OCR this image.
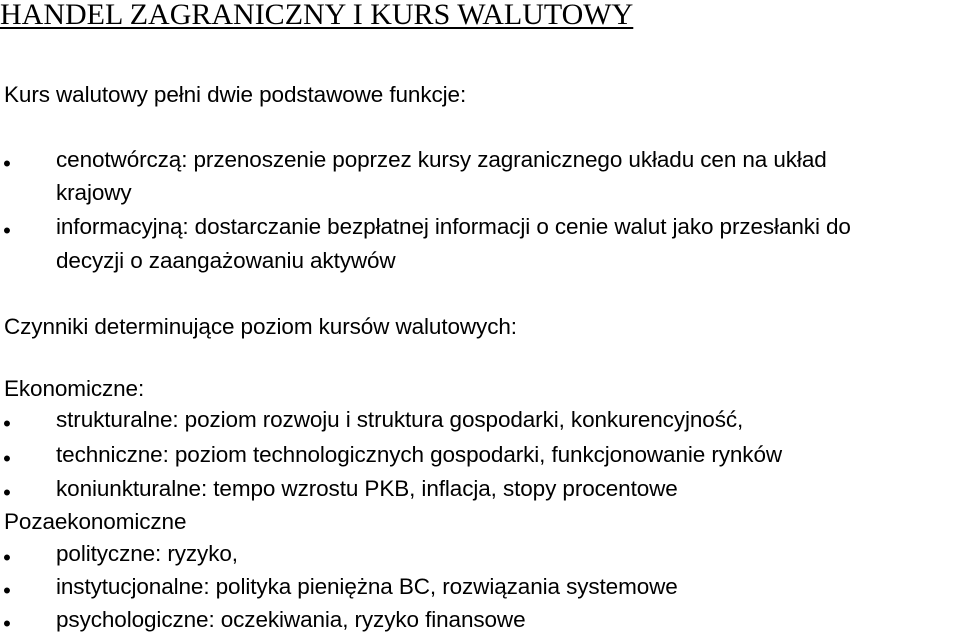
HANDEL ZAGRANICZNY I KURS WALUTOWY
Kurs walutowy pełni dwie podstawowe funkcje:
• cenotwórczą: przenoszenie poprzez kursy zagranicznego układu cen na układ
krajowy
• informacyjną: dostarczanie bezpłatnej informacji o cenie walut jako przesłanki do
decyzji o zaangażowaniu aktywów
Czynniki determinujące poziom kursów walutowych:
Ekonomiczne:
• strukturalne: poziom rozwoju i struktura gospodarki, konkurencyjność,
• techniczne: poziom technologicznych gospodarki, funkcjonowanie rynków
• koniunkturalne: tempo wzrostu PKB, inflacja, stopy procentowe
Pozaekonomiczne
• polityczne: ryzyko,
• instytucjonalne: polityka pieniężna BC, rozwiązania systemowe
• psychologiczne: oczekiwania, ryzyko finansowe
